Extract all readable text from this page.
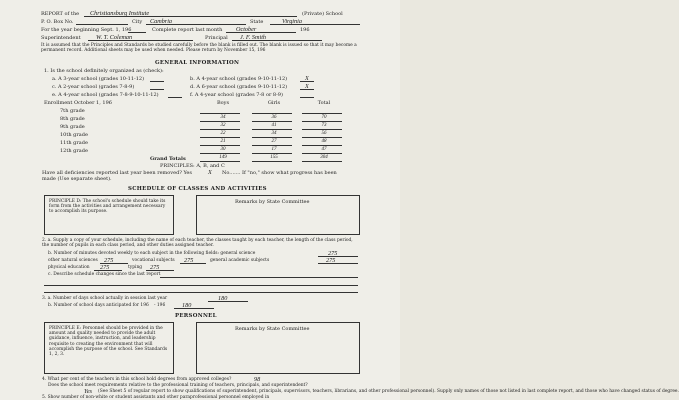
REPORT of the Christiansburg Institute	(Private) School
P. O. Box No.	City Cambria	State	Virginia
For the year beginning Sept. 1, 196	Complete report last month October	196
Superintendent W. T. Coleman	Principal J. F. Smith
It is assumed that the Principles and Standards be studied carefully before the blank is filled out. The blank is issued so that it may become a permanent record. Additional sheets may be used when needed. Please return by November 15, 196
GENERAL INFORMATION
1. Is the school definitely organized as (check):
a. A 3-year school (grades 10-11-12)	b. A 4-year school (grades 9-10-11-12)	X
c. A 2-year school (grades 7-8-9)	d. A 6-year school (grades 9-10-11-12)	X
e. A 4-year school (grades 7-8-9-10-11-12)	f. A 4-year school (grades 7-8 or 8-9)
Enrollment October 1, 196	Boys	Girls	Total
7th grade
8th grade	34	36	70
9th grade	32	41	73
10th grade	22	34	56
11th grade	21	27	48
12th grade	30	17	47
Grand Totals	149	155	304
PRINCIPLES: A, B, and C
Have all deficiencies reported last year been removed? Yes	X No....... If "no," show what progress has been
made (Use separate sheet).
SCHEDULE OF CLASSES AND ACTIVITIES
PRINCIPLE D: The school's schedule should take its form from the activities and arrangement necessary to accomplish its purpose.
Remarks by State Committee
2. a. Supply a copy of your schedule, including the name of each teacher, the classes taught by each teacher, the length of the class period, the number of pupils in each class period, and other duties assigned teacher.
b. Number of minutes devoted weekly to each subject in the following fields: general science	275
other natural sciences 275	vocational subjects 275	general academic subjects	275
physical education 275	typing 275
c. Describe schedule changes since the last report
3. a. Number of days school actually in session last year	180
b. Number of school days anticipated for 196 - 196	180
PERSONNEL
PRINCIPLE E: Personnel should be provided in the amount and quality needed to provide the adult guidance, influence, instruction, and leadership requisite to creating the environment that will accomplish the purpose of the school. See Standards 1, 2, 3.
Remarks by State Committee
4. What per cent of the teachers in this school hold degrees from approved colleges?	98
Does the school meet requirements relative to the professional training of teachers, principals, and superintendent?
Yes (See Sheet 5 of regular report to show qualifications of superintendent, principals, supervisors, teachers, librarians, and other professional personnel). Supply only names of those not listed in last complete report, and those who have changed status of degree.
5. Show number of non-white or student assistants and other paraprofessional personnel employed in
